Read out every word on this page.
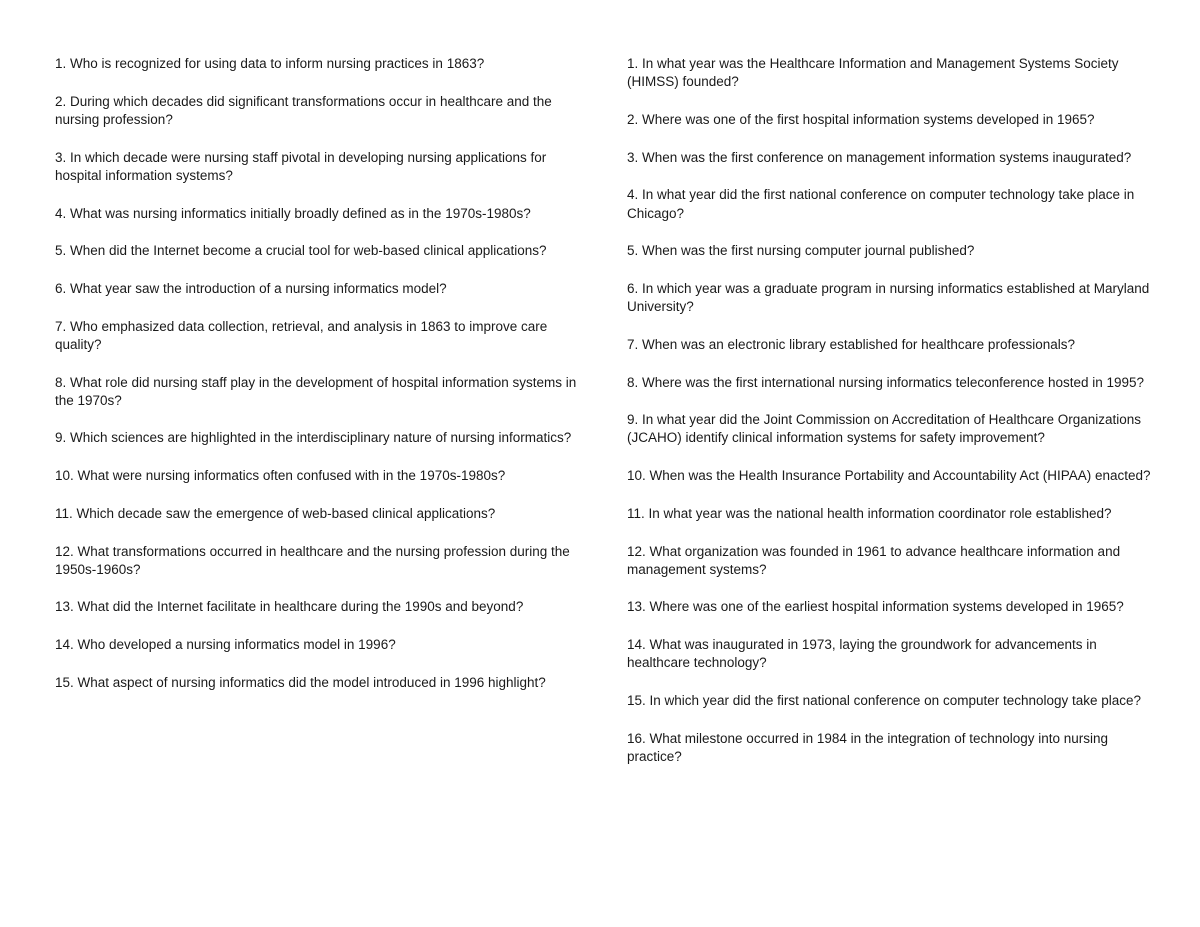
1. Who is recognized for using data to inform nursing practices in 1863?

2. During which decades did significant transformations occur in healthcare and the nursing profession?

3. In which decade were nursing staff pivotal in developing nursing applications for hospital information systems?

4. What was nursing informatics initially broadly defined as in the 1970s-1980s?

5. When did the Internet become a crucial tool for web-based clinical applications?

6. What year saw the introduction of a nursing informatics model?

7. Who emphasized data collection, retrieval, and analysis in 1863 to improve care quality?

8. What role did nursing staff play in the development of hospital information systems in the 1970s?

9. Which sciences are highlighted in the interdisciplinary nature of nursing informatics?

10. What were nursing informatics often confused with in the 1970s-1980s?

11. Which decade saw the emergence of web-based clinical applications?

12. What transformations occurred in healthcare and the nursing profession during the 1950s-1960s?

13. What did the Internet facilitate in healthcare during the 1990s and beyond?

14. Who developed a nursing informatics model in 1996?

15. What aspect of nursing informatics did the model introduced in 1996 highlight?

1. In what year was the Healthcare Information and Management Systems Society (HIMSS) founded?

2. Where was one of the first hospital information systems developed in 1965?

3. When was the first conference on management information systems inaugurated?

4. In what year did the first national conference on computer technology take place in Chicago?

5. When was the first nursing computer journal published?

6. In which year was a graduate program in nursing informatics established at Maryland University?

7. When was an electronic library established for healthcare professionals?

8. Where was the first international nursing informatics teleconference hosted in 1995?

9. In what year did the Joint Commission on Accreditation of Healthcare Organizations (JCAHO) identify clinical information systems for safety improvement?

10. When was the Health Insurance Portability and Accountability Act (HIPAA) enacted?

11. In what year was the national health information coordinator role established?

12. What organization was founded in 1961 to advance healthcare information and management systems?

13. Where was one of the earliest hospital information systems developed in 1965?

14. What was inaugurated in 1973, laying the groundwork for advancements in healthcare technology?

15. In which year did the first national conference on computer technology take place?

16. What milestone occurred in 1984 in the integration of technology into nursing practice?
